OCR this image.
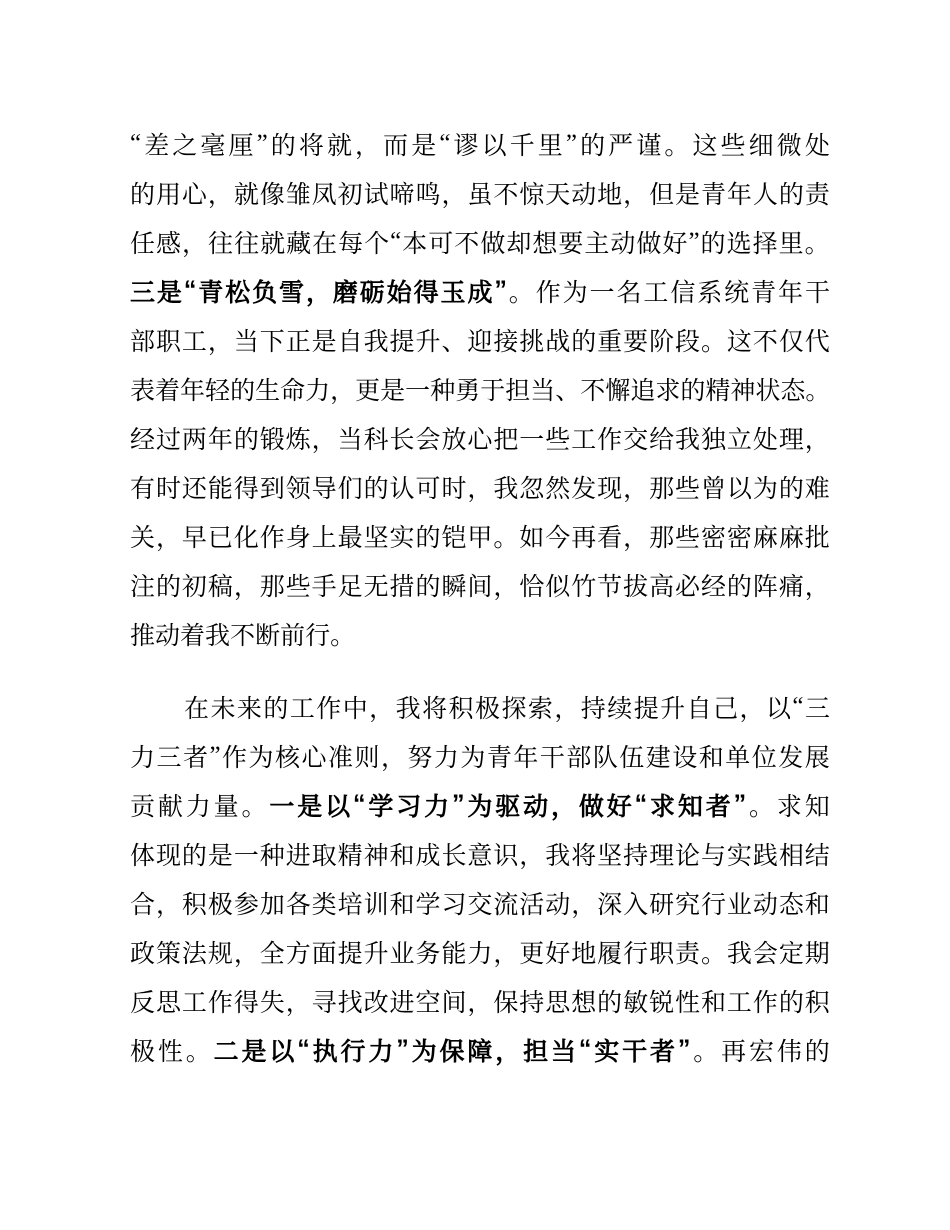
“ 差 之 毫 厘 ” 的 将 就 ， 而 是 “ 谬 以 千 里 ” 的 严 谨 。 这 些 细 微 处
的 用 心 ， 就 像 雏 凤 初 试 啼 鸣 ， 虽 不 惊 天 动 地 ， 但 是 青 年 人 的 责
任 感 ， 往 往 就 藏 在 每 个 “ 本 可 不 做 却 想 要 主 动 做 好 ” 的 选 择 里 。
三 是 “ 青 松 负 雪 ， 磨 砺 始 得 玉 成 ” 。 作 为 一 名 工 信 系 统 青 年 干
部 职 工 ， 当 下 正 是 自 我 提 升 、 迎 接 挑 战 的 重 要 阶 段 。 这 不 仅 代
表 着 年 轻 的 生 命 力 ， 更 是 一 种 勇 于 担 当 、 不 懈 追 求 的 精 神 状 态 。
经 过 两 年 的 锻 炼 ， 当 科 长 会 放 心 把 一 些 工 作 交 给 我 独 立 处 理 ，
有 时 还 能 得 到 领 导 们 的 认 可 时 ， 我 忽 然 发 现 ， 那 些 曾 以 为 的 难
关 ， 早 已 化 作 身 上 最 坚 实 的 铠 甲 。 如 今 再 看 ， 那 些 密 密 麻 麻 批
注 的 初 稿 ， 那 些 手 足 无 措 的 瞬 间 ， 恰 似 竹 节 拔 高 必 经 的 阵 痛 ，
推 动 着 我 不 断 前 行 。
在 未 来 的 工 作 中 ， 我 将 积 极 探 索 ， 持 续 提 升 自 己 ， 以 “ 三
力 三 者 ” 作 为 核 心 准 则 ， 努 力 为 青 年 干 部 队 伍 建 设 和 单 位 发 展
贡 献 力 量 。 一 是 以 “ 学 习 力 ” 为 驱 动 ， 做 好 “ 求 知 者 ” 。 求 知
体 现 的 是 一 种 进 取 精 神 和 成 长 意 识 ， 我 将 坚 持 理 论 与 实 践 相 结
合 ， 积 极 参 加 各 类 培 训 和 学 习 交 流 活 动 ， 深 入 研 究 行 业 动 态 和
政 策 法 规 ， 全 方 面 提 升 业 务 能 力 ， 更 好 地 履 行 职 责 。 我 会 定 期
反 思 工 作 得 失 ， 寻 找 改 进 空 间 ， 保 持 思 想 的 敏 锐 性 和 工 作 的 积
极 性 。 二 是 以 “ 执 行 力 ” 为 保 障 ， 担 当 “ 实 干 者 ” 。 再 宏 伟 的
